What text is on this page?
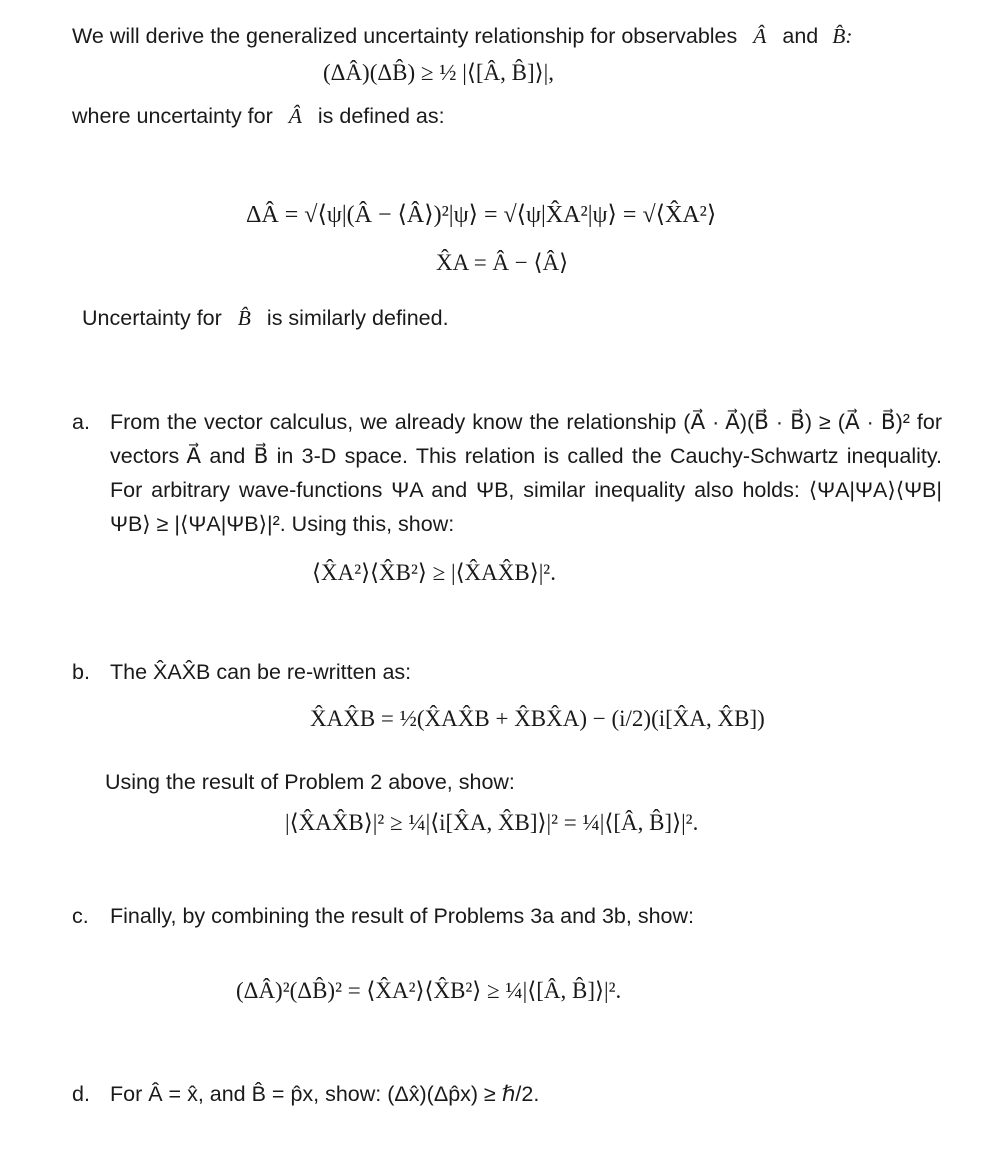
We will derive the generalized uncertainty relationship for observables Â and B̂:
(ΔÂ)(ΔB̂) ≥ ½ |⟨[Â, B̂]⟩|,
where uncertainty for Â is defined as:
ΔÂ = √⟨ψ|(Â − ⟨Â⟩)²|ψ⟩ = √⟨ψ|X̂A²|ψ⟩ = √⟨X̂A²⟩
X̂A = Â − ⟨Â⟩
Uncertainty for B̂ is similarly defined.
a. From the vector calculus, we already know the relationship (A⃗ · A⃗)(B⃗ · B⃗) ≥ (A⃗ · B⃗)² for vectors A⃗ and B⃗ in 3-D space. This relation is called the Cauchy-Schwartz inequality. For arbitrary wave-functions ΨA and ΨB, similar inequality also holds: ⟨ΨA|ΨA⟩⟨ΨB|ΨB⟩ ≥ |⟨ΨA|ΨB⟩|². Using this, show:
⟨X̂A²⟩⟨X̂B²⟩ ≥ |⟨X̂AX̂B⟩|².
b. The X̂AX̂B can be re-written as:
X̂AX̂B = ½(X̂AX̂B + X̂BX̂A) − (i/2)(i[X̂A, X̂B])
Using the result of Problem 2 above, show:
|⟨X̂AX̂B⟩|² ≥ ¼|⟨i[X̂A, X̂B]⟩|² = ¼|⟨[Â, B̂]⟩|².
c. Finally, by combining the result of Problems 3a and 3b, show:
(ΔÂ)²(ΔB̂)² = ⟨X̂A²⟩⟨X̂B²⟩ ≥ ¼|⟨[Â, B̂]⟩|².
d. For Â = x̂, and B̂ = p̂x, show: (Δx̂)(Δp̂x) ≥ ℏ/2.
